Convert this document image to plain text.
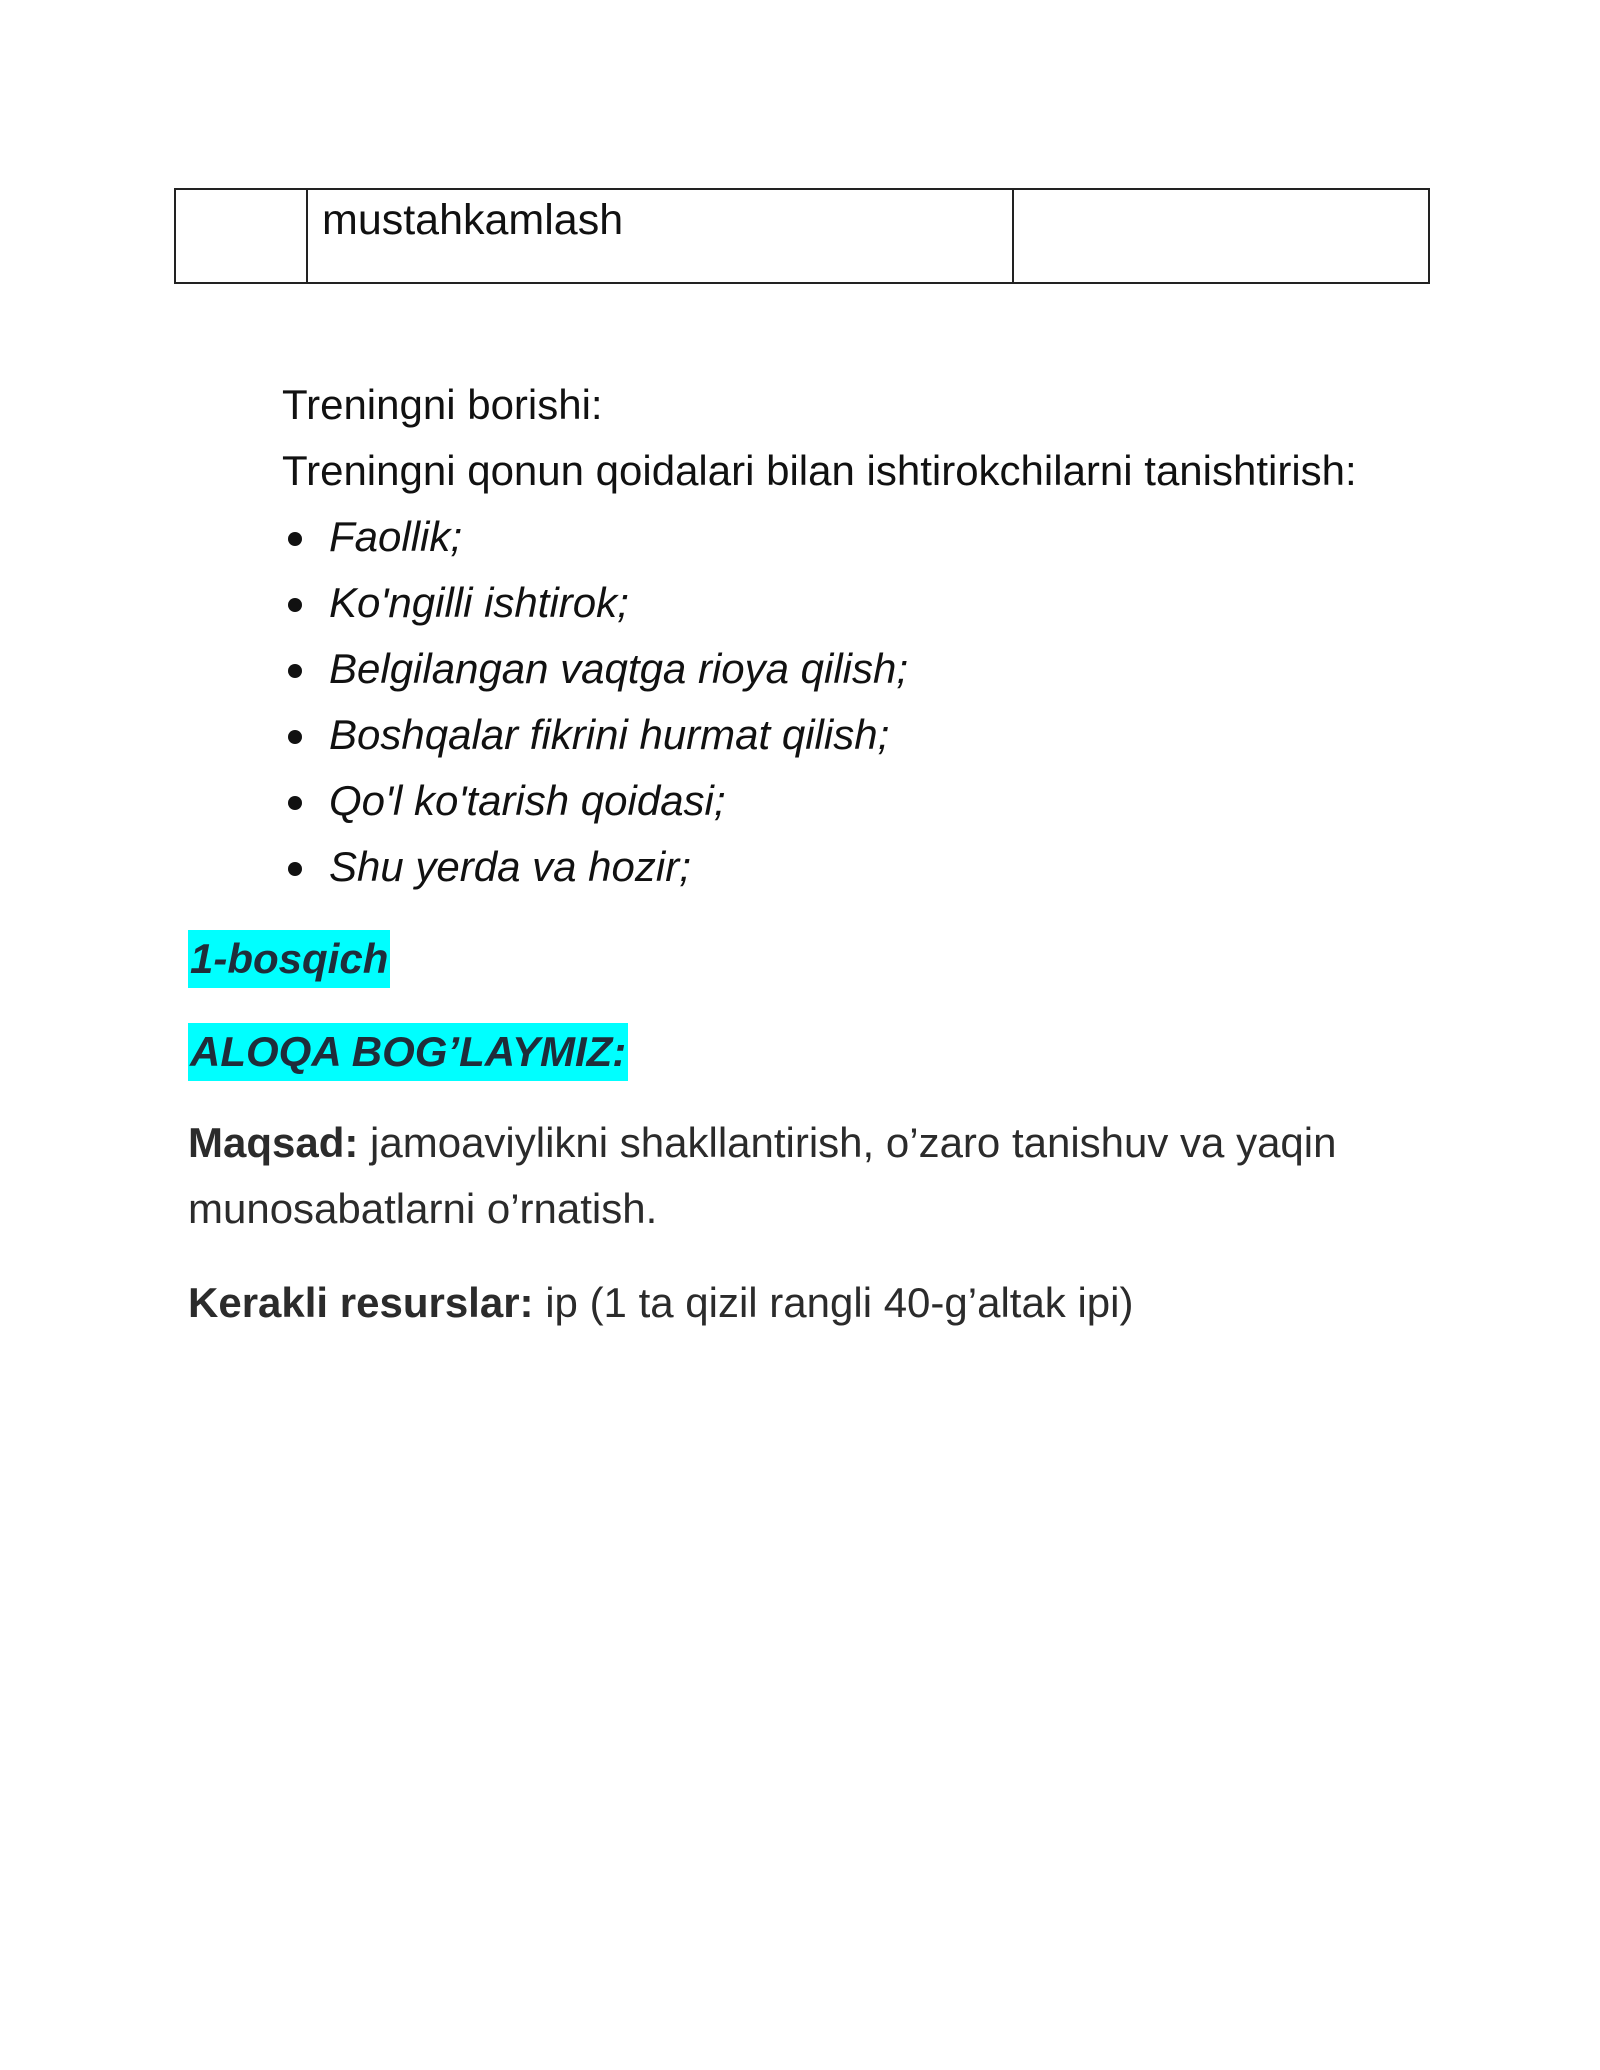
mustahkamlash

Treningni borishi:
Treningni qonun qoidalari bilan ishtirokchilarni tanishtirish:
Faollik;
Ko'ngilli ishtirok;
Belgilangan vaqtga rioya qilish;
Boshqalar fikrini hurmat qilish;
Qo'l ko'tarish qoidasi;
Shu yerda va hozir;
1-bosqich
ALOQA BOG’LAYMIZ:
Maqsad: jamoaviylikni shakllantirish, o’zaro tanishuv va yaqin munosabatlarni o’rnatish.
Kerakli resurslar: ip (1 ta qizil rangli 40-g’altak ipi)
